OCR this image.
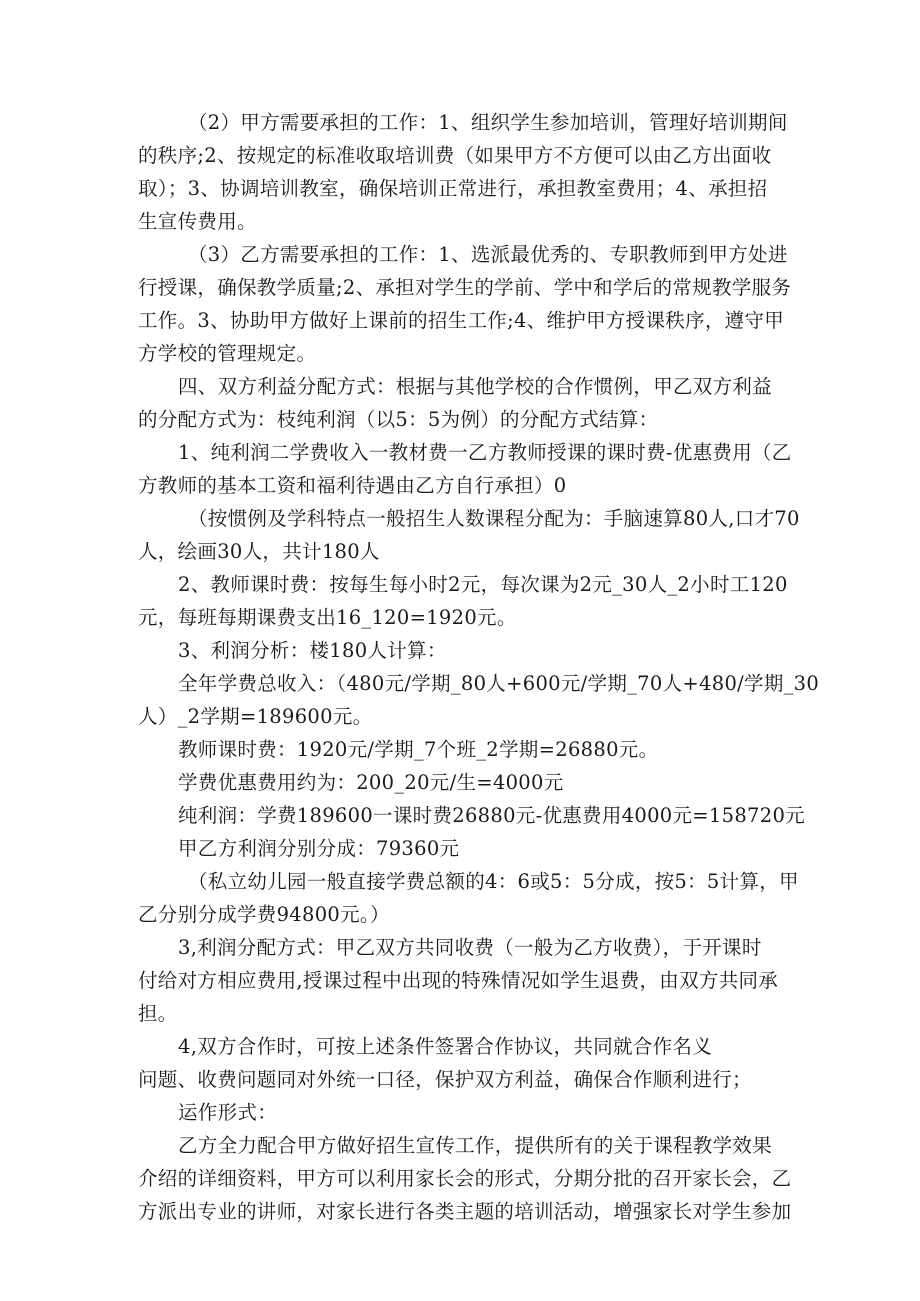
（2）甲方需要承担的工作：1、组织学生参加培训，管理好培训期间
的秩序;2、按规定的标准收取培训费（如果甲方不方便可以由乙方出面收
取）；3、协调培训教室，确保培训正常进行，承担教室费用；4、承担招
生宣传费用。
（3）乙方需要承担的工作：1、选派最优秀的、专职教师到甲方处进
行授课，确保教学质量;2、承担对学生的学前、学中和学后的常规教学服务
工作。3、协助甲方做好上课前的招生工作;4、维护甲方授课秩序，遵守甲
方学校的管理规定。
四、双方利益分配方式：根据与其他学校的合作惯例，甲乙双方利益
的分配方式为：枝纯利润（以5：5为例）的分配方式结算：
1、纯利润二学费收入一教材费一乙方教师授课的课时费-优惠费用（乙
方教师的基本工资和福利待遇由乙方自行承担）0
（按惯例及学科特点一般招生人数课程分配为：手脑速算80人,口才70
人，绘画30人，共计180人
2、教师课时费：按每生每小时2元，每次课为2元_30人_2小时工120
元，每班每期课费支出16_120=1920元。
3、利润分析：楼180人计算：
全年学费总收入：（480元/学期_80人+600元/学期_70人+480/学期_30
人）_2学期=189600元。
教师课时费：1920元/学期_7个班_2学期=26880元。
学费优惠费用约为：200_20元/生=4000元
纯利润：学费189600一课时费26880元-优惠费用4000元=158720元
甲乙方利润分别分成：79360元
（私立幼儿园一般直接学费总额的4：6或5：5分成，按5：5计算，甲
乙分别分成学费94800元。）
3,利润分配方式：甲乙双方共同收费（一般为乙方收费），于开课时
付给对方相应费用,授课过程中出现的特殊情况如学生退费，由双方共同承
担。
4,双方合作时，可按上述条件签署合作协议，共同就合作名义
问题、收费问题同对外统一口径，保护双方利益，确保合作顺利进行；
运作形式：
乙方全力配合甲方做好招生宣传工作，提供所有的关于课程教学效果
介绍的详细资料，甲方可以利用家长会的形式，分期分批的召开家长会，乙
方派出专业的讲师，对家长进行各类主题的培训活动，增强家长对学生参加
